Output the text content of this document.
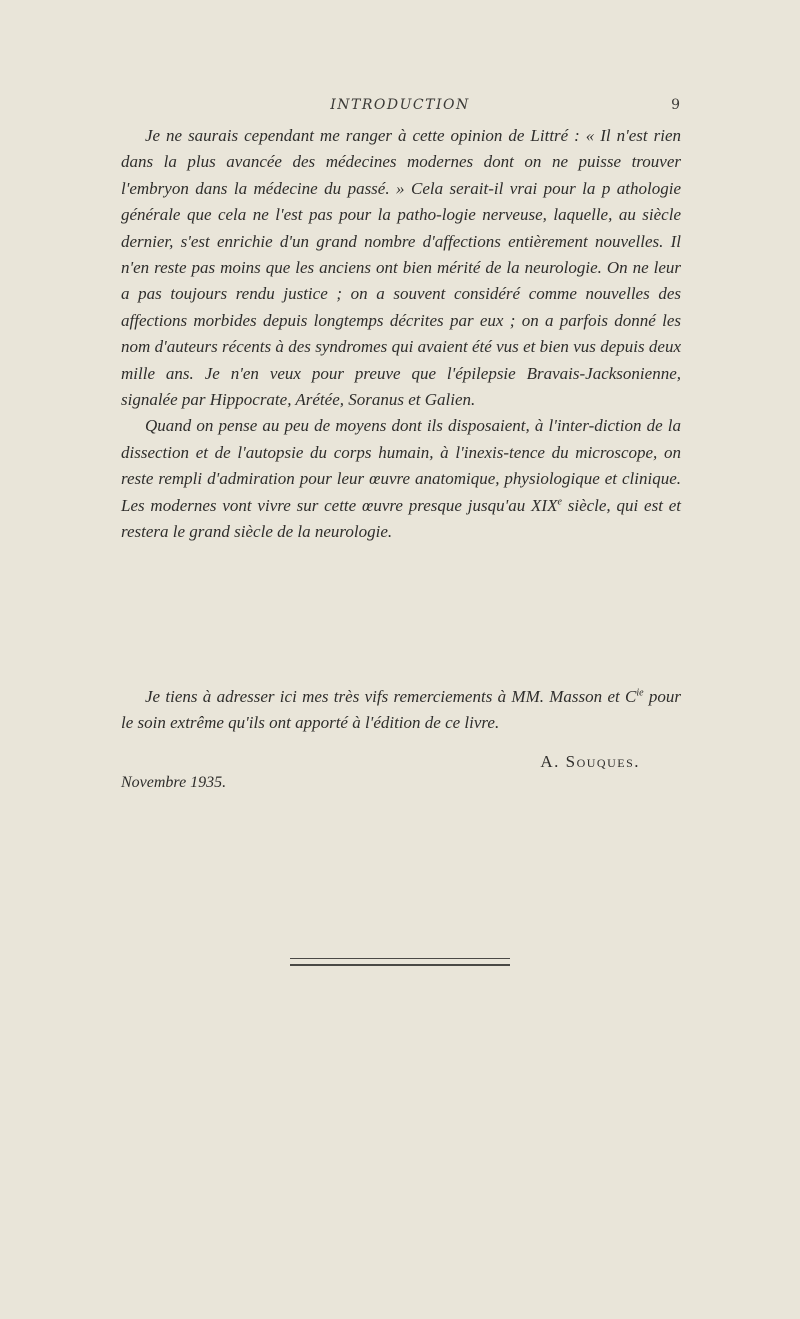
INTRODUCTION	9

Je ne saurais cependant me ranger à cette opinion de Littré : « Il n'est rien dans la plus avancée des médecines modernes dont on ne puisse trouver l'embryon dans la médecine du passé. » Cela serait-il vrai pour la p athologie générale que cela ne l'est pas pour la patho-logie nerveuse, laquelle, au siècle dernier, s'est enrichie d'un grand nombre d'affections entièrement nouvelles. Il n'en reste pas moins que les anciens ont bien mérité de la neurologie. On ne leur a pas toujours rendu justice ; on a souvent considéré comme nouvelles des affections morbides depuis longtemps décrites par eux ; on a parfois donné les nom d'auteurs récents à des syndromes qui avaient été vus et bien vus depuis deux mille ans. Je n'en veux pour preuve que l'épilepsie Bravais-Jacksonienne, signalée par Hippocrate, Arétée, Soranus et Galien.

Quand on pense au peu de moyens dont ils disposaient, à l'inter-diction de la dissection et de l'autopsie du corps humain, à l'inexis-tence du microscope, on reste rempli d'admiration pour leur œuvre anatomique, physiologique et clinique. Les modernes vont vivre sur cette œuvre presque jusqu'au XIXe siècle, qui est et restera le grand siècle de la neurologie.

Je tiens à adresser ici mes très vifs remerciements à MM. Masson et $C^{ie}$ pour le soin extrême qu'ils ont apporté à l'édition de ce livre.

A. Souques.
Novembre 1935.
